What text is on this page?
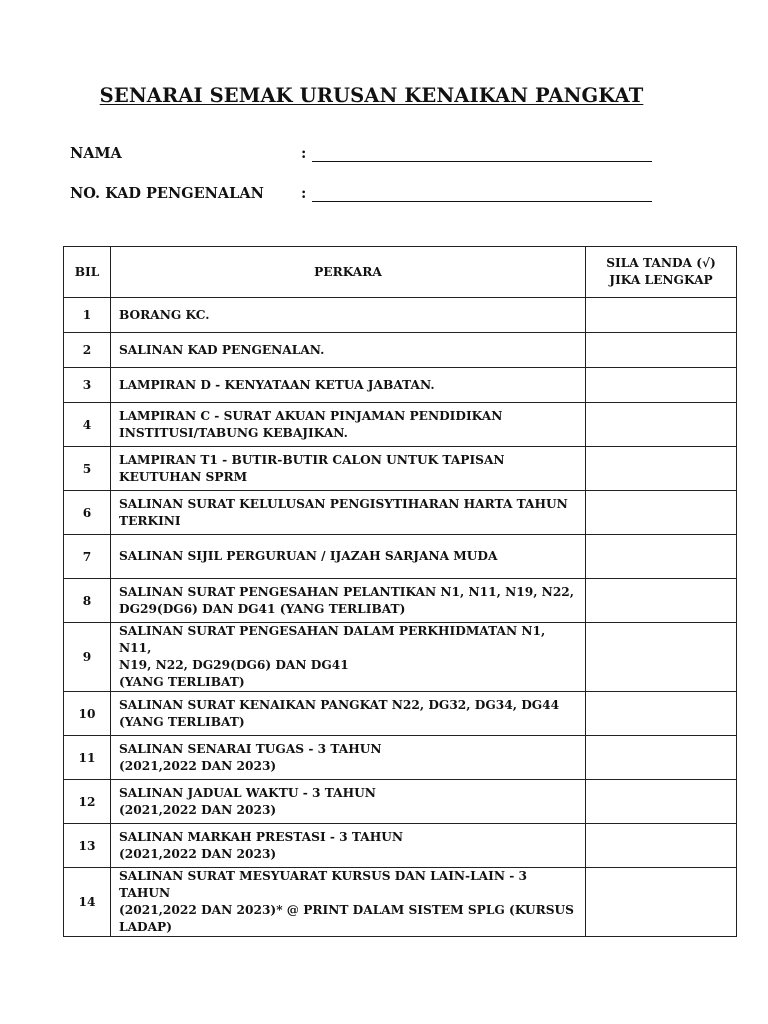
SENARAI SEMAK URUSAN KENAIKAN PANGKAT
NAMA	:
NO. KAD PENGENALAN	:
BIL	PERKARA	SILA TANDA (√)
JIKA LENGKAP

1	BORANG KC.	

2	SALINAN KAD PENGENALAN.	

3	LAMPIRAN D - KENYATAAN KETUA JABATAN.	

4	LAMPIRAN C - SURAT AKUAN PINJAMAN PENDIDIKAN
INSTITUSI/TABUNG KEBAJIKAN.	

5	LAMPIRAN T1 - BUTIR-BUTIR CALON UNTUK TAPISAN
KEUTUHAN SPRM	

6	SALINAN SURAT KELULUSAN PENGISYTIHARAN HARTA TAHUN
TERKINI	

7	SALINAN SIJIL PERGURUAN / IJAZAH SARJANA MUDA	

8	SALINAN SURAT PENGESAHAN PELANTIKAN N1, N11, N19, N22,
DG29(DG6) DAN DG41 (YANG TERLIBAT)	

9	SALINAN SURAT PENGESAHAN DALAM PERKHIDMATAN N1, N11,
N19, N22, DG29(DG6) DAN DG41
(YANG TERLIBAT)	

10	SALINAN SURAT KENAIKAN PANGKAT N22, DG32, DG34, DG44
(YANG TERLIBAT)	

11	SALINAN SENARAI TUGAS - 3 TAHUN
(2021,2022 DAN 2023)	

12	SALINAN JADUAL WAKTU - 3 TAHUN
(2021,2022 DAN 2023)	

13	SALINAN MARKAH PRESTASI - 3 TAHUN
(2021,2022 DAN 2023)	

14	SALINAN SURAT MESYUARAT KURSUS DAN LAIN-LAIN - 3 TAHUN
(2021,2022 DAN 2023)* @ PRINT DALAM SISTEM SPLG (KURSUS
LADAP)	
